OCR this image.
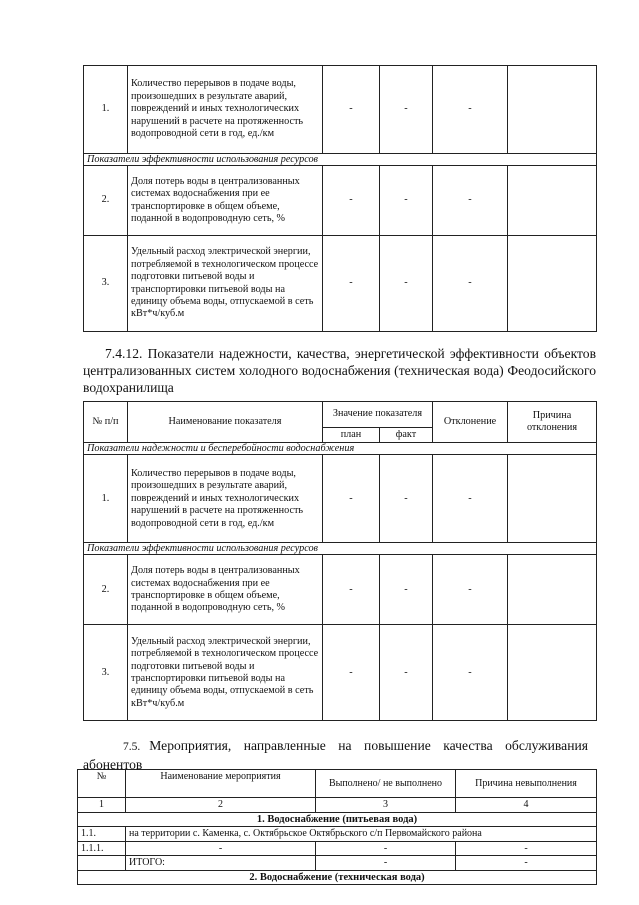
1.	Количество перерывов в подаче воды, произошедших в результате аварий, повреждений и иных технологических нарушений в расчете на протяженность водопроводной сети в год, ед./км	-	-	-	
Показатели эффективности использования ресурсов					
2.	Доля потерь воды в централизованных системах водоснабжения при ее транспортировке в общем объеме, поданной в водопроводную сеть, %	-	-	-	
3.	Удельный расход электрической энергии, потребляемой в технологическом процессе подготовки питьевой воды и транспортировки питьевой воды на единицу объема воды, отпускаемой в сеть кВт*ч/куб.м	-	-	-	
7.4.12. Показатели надежности, качества, энергетической эффективности объектов централизованных систем холодного водоснабжения (техническая вода) Феодосийского водохранилища
№ п/п	Наименование показателя	Значение показателя		Отклонение	Причина отклонения
		план	факт		
Показатели надежности и бесперебойности водоснабжения					
1.	Количество перерывов в подаче воды, произошедших в результате аварий, повреждений и иных технологических нарушений в расчете на протяженность водопроводной сети в год, ед./км	-	-	-	
Показатели эффективности использования ресурсов					
2.	Доля потерь воды в централизованных системах водоснабжения при ее транспортировке в общем объеме, поданной в водопроводную сеть, %	-	-	-	
3.	Удельный расход электрической энергии, потребляемой в технологическом процессе подготовки питьевой воды и транспортировки питьевой воды на единицу объема воды, отпускаемой в сеть кВт*ч/куб.м	-	-	-	
7.5. Мероприятия, направленные на повышение качества обслуживания абонентов
№	Наименование мероприятия	Выполнено/ не выполнено	Причина невыполнения
1	2	3	4
1. Водоснабжение (питьевая вода)			
1.1.	на территории с. Каменка, с. Октябрьское Октябрьского с/п Первомайского района		
1.1.1.	-	-	-
	ИТОГО:	-	-
2. Водоснабжение (техническая вода)			
